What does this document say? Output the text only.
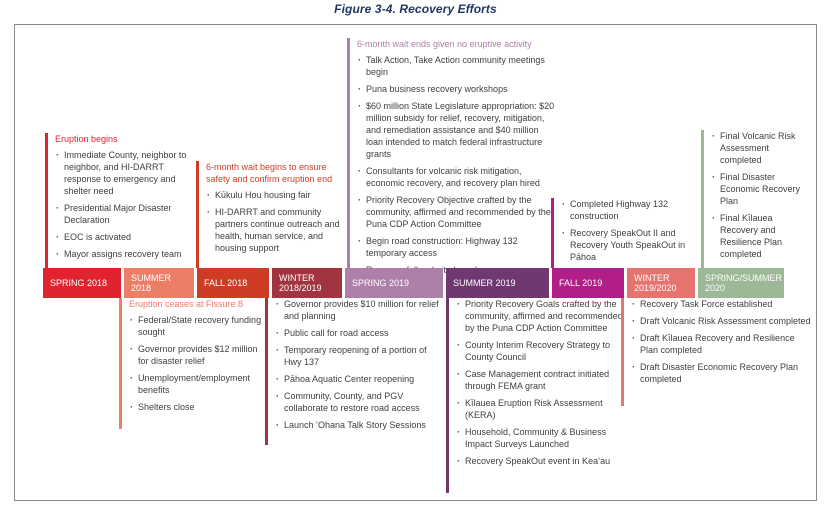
Figure 3-4. Recovery Efforts
Eruption begins
· Immediate County, neighbor to neighbor, and HI-DARRT response to emergency and shelter need
· Presidential Major Disaster Declaration
· EOC is activated
· Mayor assigns recovery team
6-month wait begins to ensure safety and confirm eruption end
· Kūkulu Hou housing fair
· HI-DARRT and community partners continue outreach and health, human service, and housing support
6-month wait ends given no eruptive activity
· Talk Action, Take Action community meetings begin
· Puna business recovery workshops
· $60 million State Legislature appropriation: $20 million subsidy for relief, recovery, mitigation, and remediation assistance and $40 million loan intended to match federal infrastructure grants
· Consultants for volcanic risk mitigation, economic recovery, and recovery plan hired
· Priority Recovery Objective crafted by the community, affirmed and recommended by the Puna CDP Action Committee
· Begin road construction: Highway 132 temporary access
·
· Completed Highway 132 construction
· Recovery SpeakOut II and Recovery Youth SpeakOut in Pāhoa
· Final Volcanic Risk Assessment completed
· Final Disaster Economic Recovery Plan
· Final Kīlauea Recovery and Resilience Plan completed
Eruption ceases at Fissure 8
· Federal/State recovery funding sought
· Governor provides $12 million for disaster relief
· Unemployment/employment benefits
· Shelters close
· Governor provides $10 million for relief and planning
· Public call for road access
· Temporary reopening of a portion of Hwy 137
· Pāhoa Aquatic Center reopening
· Community, County, and PGV collaborate to restore road access
· Launch ʻOhana Talk Story Sessions
· Priority Recovery Goals crafted by the community, affirmed and recommended by the Puna CDP Action Committee
· County Interim Recovery Strategy to County Council
· Case Management contract initiated through FEMA grant
· Kīlauea Eruption Risk Assessment (KERA)
· Household, Community & Business Impact Surveys Launched
· Recovery SpeakOut event in Keaʻau
· Recovery Task Force established
· Draft Volcanic Risk Assessment completed
· Draft Kīlauea Recovery and Resilience Plan completed
· Draft Disaster Economic Recovery Plan completed
SPRING 2018
SUMMER 2018
FALL 2018
WINTER 2018/2019
SPRING 2019	SUMMER 2019	FALL 2019
WINTER 2019/2020
SPRING/SUMMER 2020
